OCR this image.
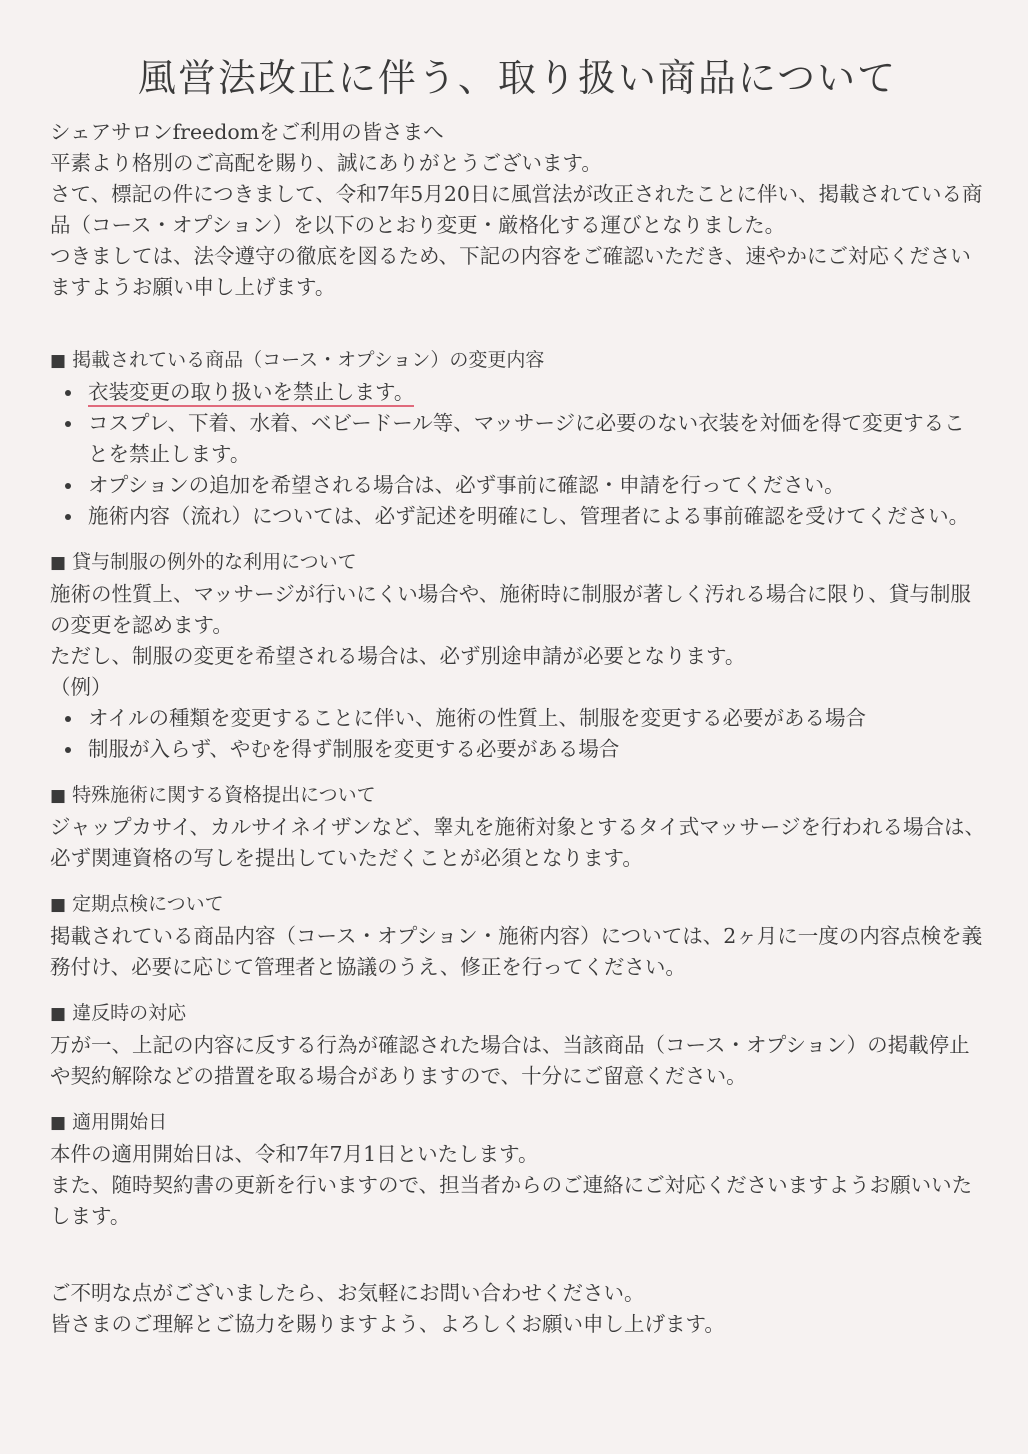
風営法改正に伴う、取り扱い商品について

シェアサロンfreedomをご利用の皆さまへ

平素より格別のご高配を賜り、誠にありがとうございます。

さて、標記の件につきまして、令和7年5月20日に風営法が改正されたことに伴い、掲載されている商品（コース・オプション）を以下のとおり変更・厳格化する運びとなりました。

つきましては、法令遵守の徹底を図るため、下記の内容をご確認いただき、速やかにご対応くださいますようお願い申し上げます。

■ 掲載されている商品（コース・オプション）の変更内容
衣装変更の取り扱いを禁止します。
コスプレ、下着、水着、ベビードール等、マッサージに必要のない衣装を対価を得て変更することを禁止します。
オプションの追加を希望される場合は、必ず事前に確認・申請を行ってください。
施術内容（流れ）については、必ず記述を明確にし、管理者による事前確認を受けてください。
■ 貸与制服の例外的な利用について

施術の性質上、マッサージが行いにくい場合や、施術時に制服が著しく汚れる場合に限り、貸与制服の変更を認めます。

ただし、制服の変更を希望される場合は、必ず別途申請が必要となります。

（例）

オイルの種類を変更することに伴い、施術の性質上、制服を変更する必要がある場合
制服が入らず、やむを得ず制服を変更する必要がある場合
■ 特殊施術に関する資格提出について

ジャップカサイ、カルサイネイザンなど、睾丸を施術対象とするタイ式マッサージを行われる場合は、必ず関連資格の写しを提出していただくことが必須となります。

■ 定期点検について

掲載されている商品内容（コース・オプション・施術内容）については、2ヶ月に一度の内容点検を義務付け、必要に応じて管理者と協議のうえ、修正を行ってください。

■ 違反時の対応

万が一、上記の内容に反する行為が確認された場合は、当該商品（コース・オプション）の掲載停止や契約解除などの措置を取る場合がありますので、十分にご留意ください。

■ 適用開始日

本件の適用開始日は、令和7年7月1日といたします。

また、随時契約書の更新を行いますので、担当者からのご連絡にご対応くださいますようお願いいたします。

ご不明な点がございましたら、お気軽にお問い合わせください。

皆さまのご理解とご協力を賜りますよう、よろしくお願い申し上げます。
